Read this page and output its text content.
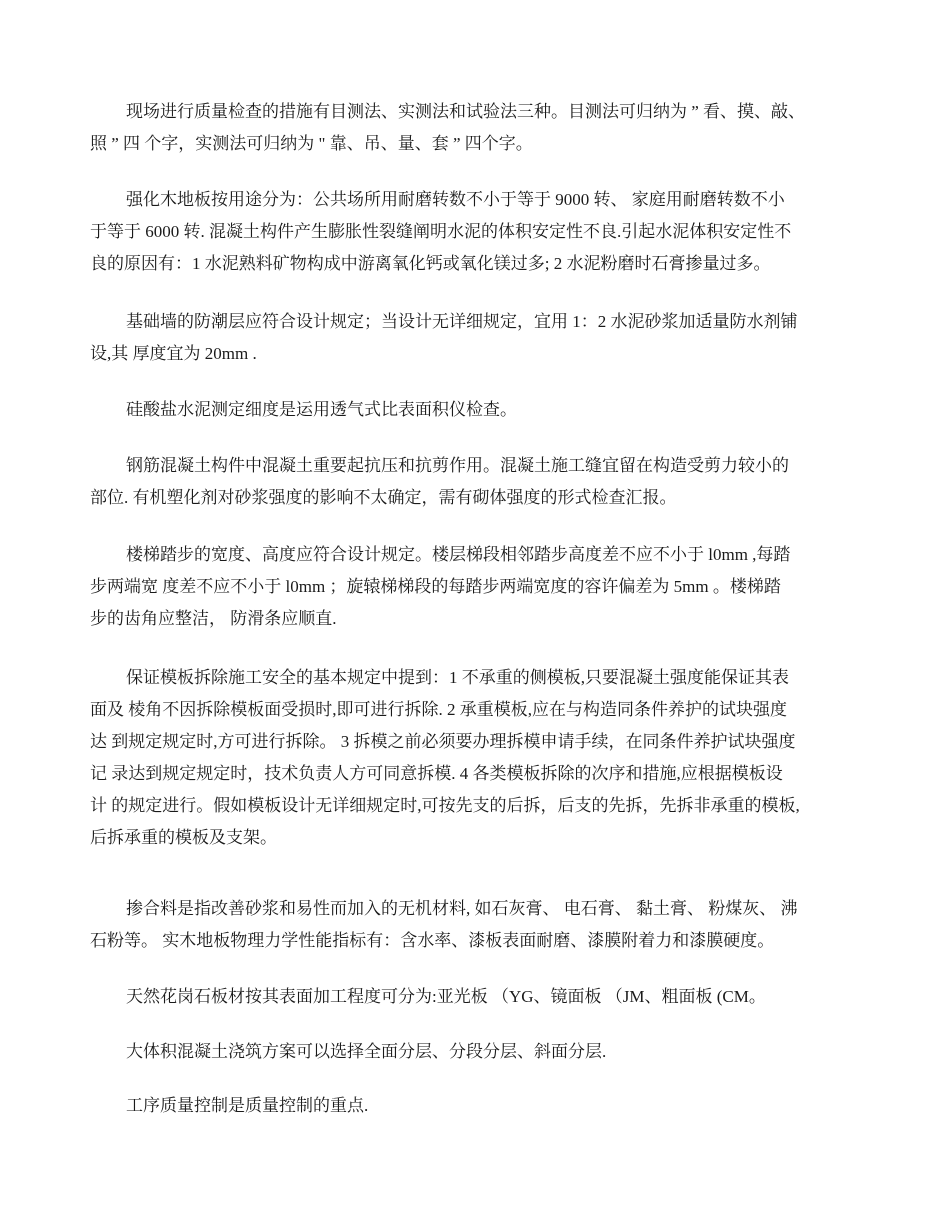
现场进行质量检查的措施有目测法、实测法和试验法三种。目测法可归纳为 ” 看、摸、敲、
照 ” 四 个字，实测法可归纳为 " 靠、吊、量、套 ” 四个字。
强化木地板按用途分为：公共场所用耐磨转数不小于等于 9000 转、 家庭用耐磨转数不小
于等于 6000 转. 混凝土构件产生膨胀性裂缝阐明水泥的体积安定性不良.引起水泥体积安定性不
良的原因有：1 水泥熟料矿物构成中游离氧化钙或氧化镁过多; 2 水泥粉磨时石膏掺量过多。
基础墙的防潮层应符合设计规定；当设计无详细规定，宜用 1：2 水泥砂浆加适量防水剂铺
设,其 厚度宜为 20mm .
硅酸盐水泥测定细度是运用透气式比表面积仪检查。
钢筋混凝土构件中混凝土重要起抗压和抗剪作用。混凝土施工缝宜留在构造受剪力较小的
部位. 有机塑化剂对砂浆强度的影响不太确定，需有砌体强度的形式检查汇报。
楼梯踏步的宽度、高度应符合设计规定。楼层梯段相邻踏步高度差不应不小于 l0mm ,每踏
步两端宽 度差不应不小于 l0mm ；旋辕梯梯段的每踏步两端宽度的容许偏差为 5mm 。楼梯踏
步的齿角应整洁， 防滑条应顺直.
保证模板拆除施工安全的基本规定中提到：1 不承重的侧模板,只要混凝土强度能保证其表
面及 棱角不因拆除模板面受损时,即可进行拆除. 2 承重模板,应在与构造同条件养护的试块强度
达 到规定规定时,方可进行拆除。 3 拆模之前必须要办理拆模申请手续，在同条件养护试块强度
记 录达到规定规定时，技术负责人方可同意拆模. 4 各类模板拆除的次序和措施,应根据模板设
计 的规定进行。假如模板设计无详细规定时,可按先支的后拆，后支的先拆，先拆非承重的模板,
后拆承重的模板及支架。
掺合料是指改善砂浆和易性而加入的无机材料, 如石灰膏、 电石膏、 黏土膏、 粉煤灰、 沸
石粉等。 实木地板物理力学性能指标有：含水率、漆板表面耐磨、漆膜附着力和漆膜硬度。
天然花岗石板材按其表面加工程度可分为:亚光板 （YG、镜面板 （JM、粗面板 (CM。
大体积混凝土浇筑方案可以选择全面分层、分段分层、斜面分层.
工序质量控制是质量控制的重点.
